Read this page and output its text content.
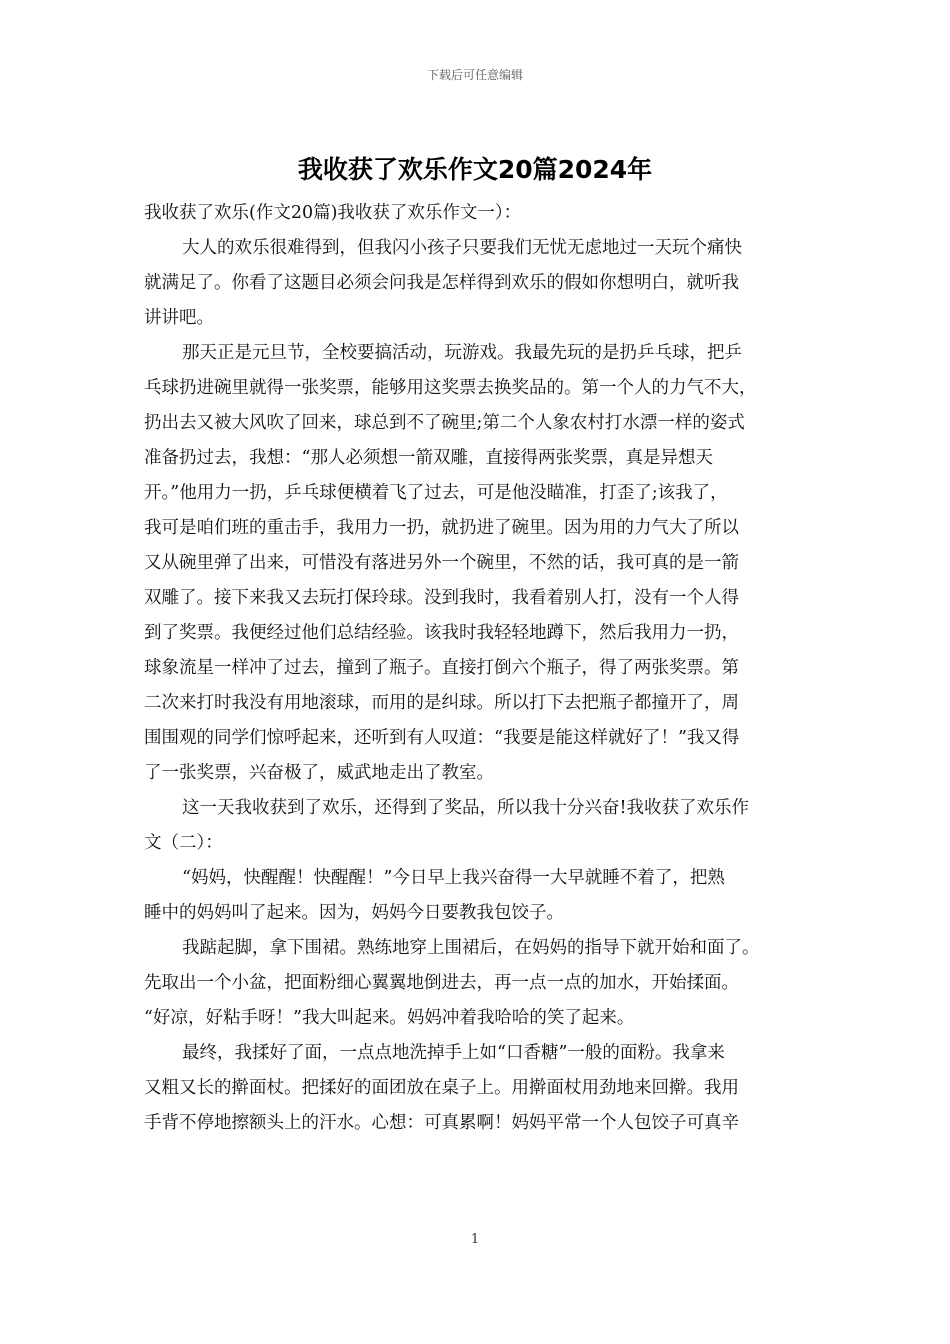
下载后可任意编辑
我收获了欢乐作文20篇2024年

我收获了欢乐(作文20篇)我收获了欢乐作文一）：

大人的欢乐很难得到，但我闪小孩子只要我们无忧无虑地过一天玩个痛快

就满足了。你看了这题目必须会问我是怎样得到欢乐的假如你想明白，就听我

讲讲吧。

那天正是元旦节，全校要搞活动，玩游戏。我最先玩的是扔乒乓球，把乒

乓球扔进碗里就得一张奖票，能够用这奖票去换奖品的。第一个人的力气不大，

扔出去又被大风吹了回来，球总到不了碗里;第二个人象农村打水漂一样的姿式

准备扔过去，我想：“那人必须想一箭双雕，直接得两张奖票，真是异想天

开。”他用力一扔，乒乓球便横着飞了过去，可是他没瞄准，打歪了;该我了，

我可是咱们班的重击手，我用力一扔，就扔进了碗里。因为用的力气大了所以

又从碗里弹了出来，可惜没有落进另外一个碗里，不然的话，我可真的是一箭

双雕了。接下来我又去玩打保玲球。没到我时，我看着别人打，没有一个人得

到了奖票。我便经过他们总结经验。该我时我轻轻地蹲下，然后我用力一扔，

球象流星一样冲了过去，撞到了瓶子。直接打倒六个瓶子，得了两张奖票。第

二次来打时我没有用地滚球，而用的是纠球。所以打下去把瓶子都撞开了，周

围围观的同学们惊呼起来，还听到有人叹道：“我要是能这样就好了！”我又得

了一张奖票，兴奋极了，威武地走出了教室。

这一天我收获到了欢乐，还得到了奖品，所以我十分兴奋!我收获了欢乐作

文（二）：

“妈妈，快醒醒！快醒醒！”今日早上我兴奋得一大早就睡不着了，把熟

睡中的妈妈叫了起来。因为，妈妈今日要教我包饺子。

我踮起脚，拿下围裙。熟练地穿上围裙后，在妈妈的指导下就开始和面了。

先取出一个小盆，把面粉细心翼翼地倒进去，再一点一点的加水，开始揉面。

“好凉，好粘手呀！”我大叫起来。妈妈冲着我哈哈的笑了起来。

最终，我揉好了面，一点点地洗掉手上如“口香糖”一般的面粉。我拿来

又粗又长的擀面杖。把揉好的面团放在桌子上。用擀面杖用劲地来回擀。我用

手背不停地擦额头上的汗水。心想：可真累啊！妈妈平常一个人包饺子可真辛

1
